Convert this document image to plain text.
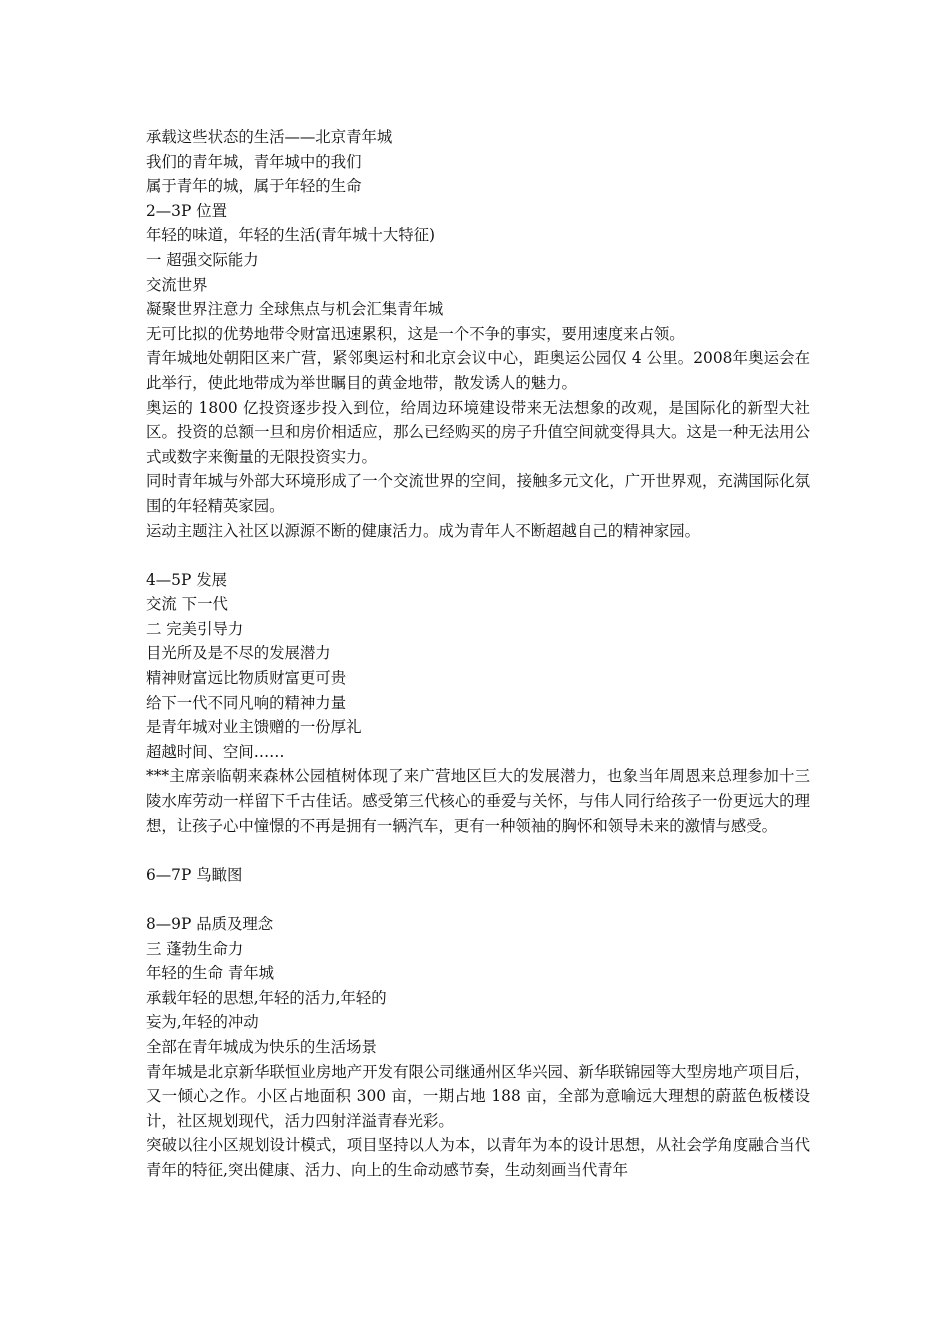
承载这些状态的生活——北京青年城

我们的青年城，青年城中的我们

属于青年的城，属于年轻的生命

2—3P 位置

年轻的味道，年轻的生活(青年城十大特征)

一 超强交际能力

交流世界

凝聚世界注意力 全球焦点与机会汇集青年城

无可比拟的优势地带令财富迅速累积，这是一个不争的事实，要用速度来占领。

青年城地处朝阳区来广营，紧邻奥运村和北京会议中心，距奥运公园仅 4 公里。2008年奥运会在此举行，使此地带成为举世瞩目的黄金地带，散发诱人的魅力。

奥运的 1800 亿投资逐步投入到位，给周边环境建设带来无法想象的改观，是国际化的新型大社区。投资的总额一旦和房价相适应，那么已经购买的房子升值空间就变得具大。这是一种无法用公式或数字来衡量的无限投资实力。

同时青年城与外部大环境形成了一个交流世界的空间，接触多元文化，广开世界观，充满国际化氛围的年轻精英家园。

运动主题注入社区以源源不断的健康活力。成为青年人不断超越自己的精神家园。

4—5P 发展

交流 下一代

二 完美引导力

目光所及是不尽的发展潜力

精神财富远比物质财富更可贵

给下一代不同凡响的精神力量

是青年城对业主馈赠的一份厚礼

超越时间、空间……

***主席亲临朝来森林公园植树体现了来广营地区巨大的发展潜力，也象当年周恩来总理参加十三陵水库劳动一样留下千古佳话。感受第三代核心的垂爱与关怀，与伟人同行给孩子一份更远大的理想，让孩子心中憧憬的不再是拥有一辆汽车，更有一种领袖的胸怀和领导未来的激情与感受。

6—7P 鸟瞰图

8—9P 品质及理念

三 蓬勃生命力

年轻的生命 青年城

承载年轻的思想,年轻的活力,年轻的

妄为,年轻的冲动

全部在青年城成为快乐的生活场景

青年城是北京新华联恒业房地产开发有限公司继通州区华兴园、新华联锦园等大型房地产项目后，又一倾心之作。小区占地面积 300 亩，一期占地 188 亩，全部为意喻远大理想的蔚蓝色板楼设计，社区规划现代，活力四射洋溢青春光彩。

突破以往小区规划设计模式，项目坚持以人为本，以青年为本的设计思想，从社会学角度融合当代青年的特征,突出健康、活力、向上的生命动感节奏，生动刻画当代青年
